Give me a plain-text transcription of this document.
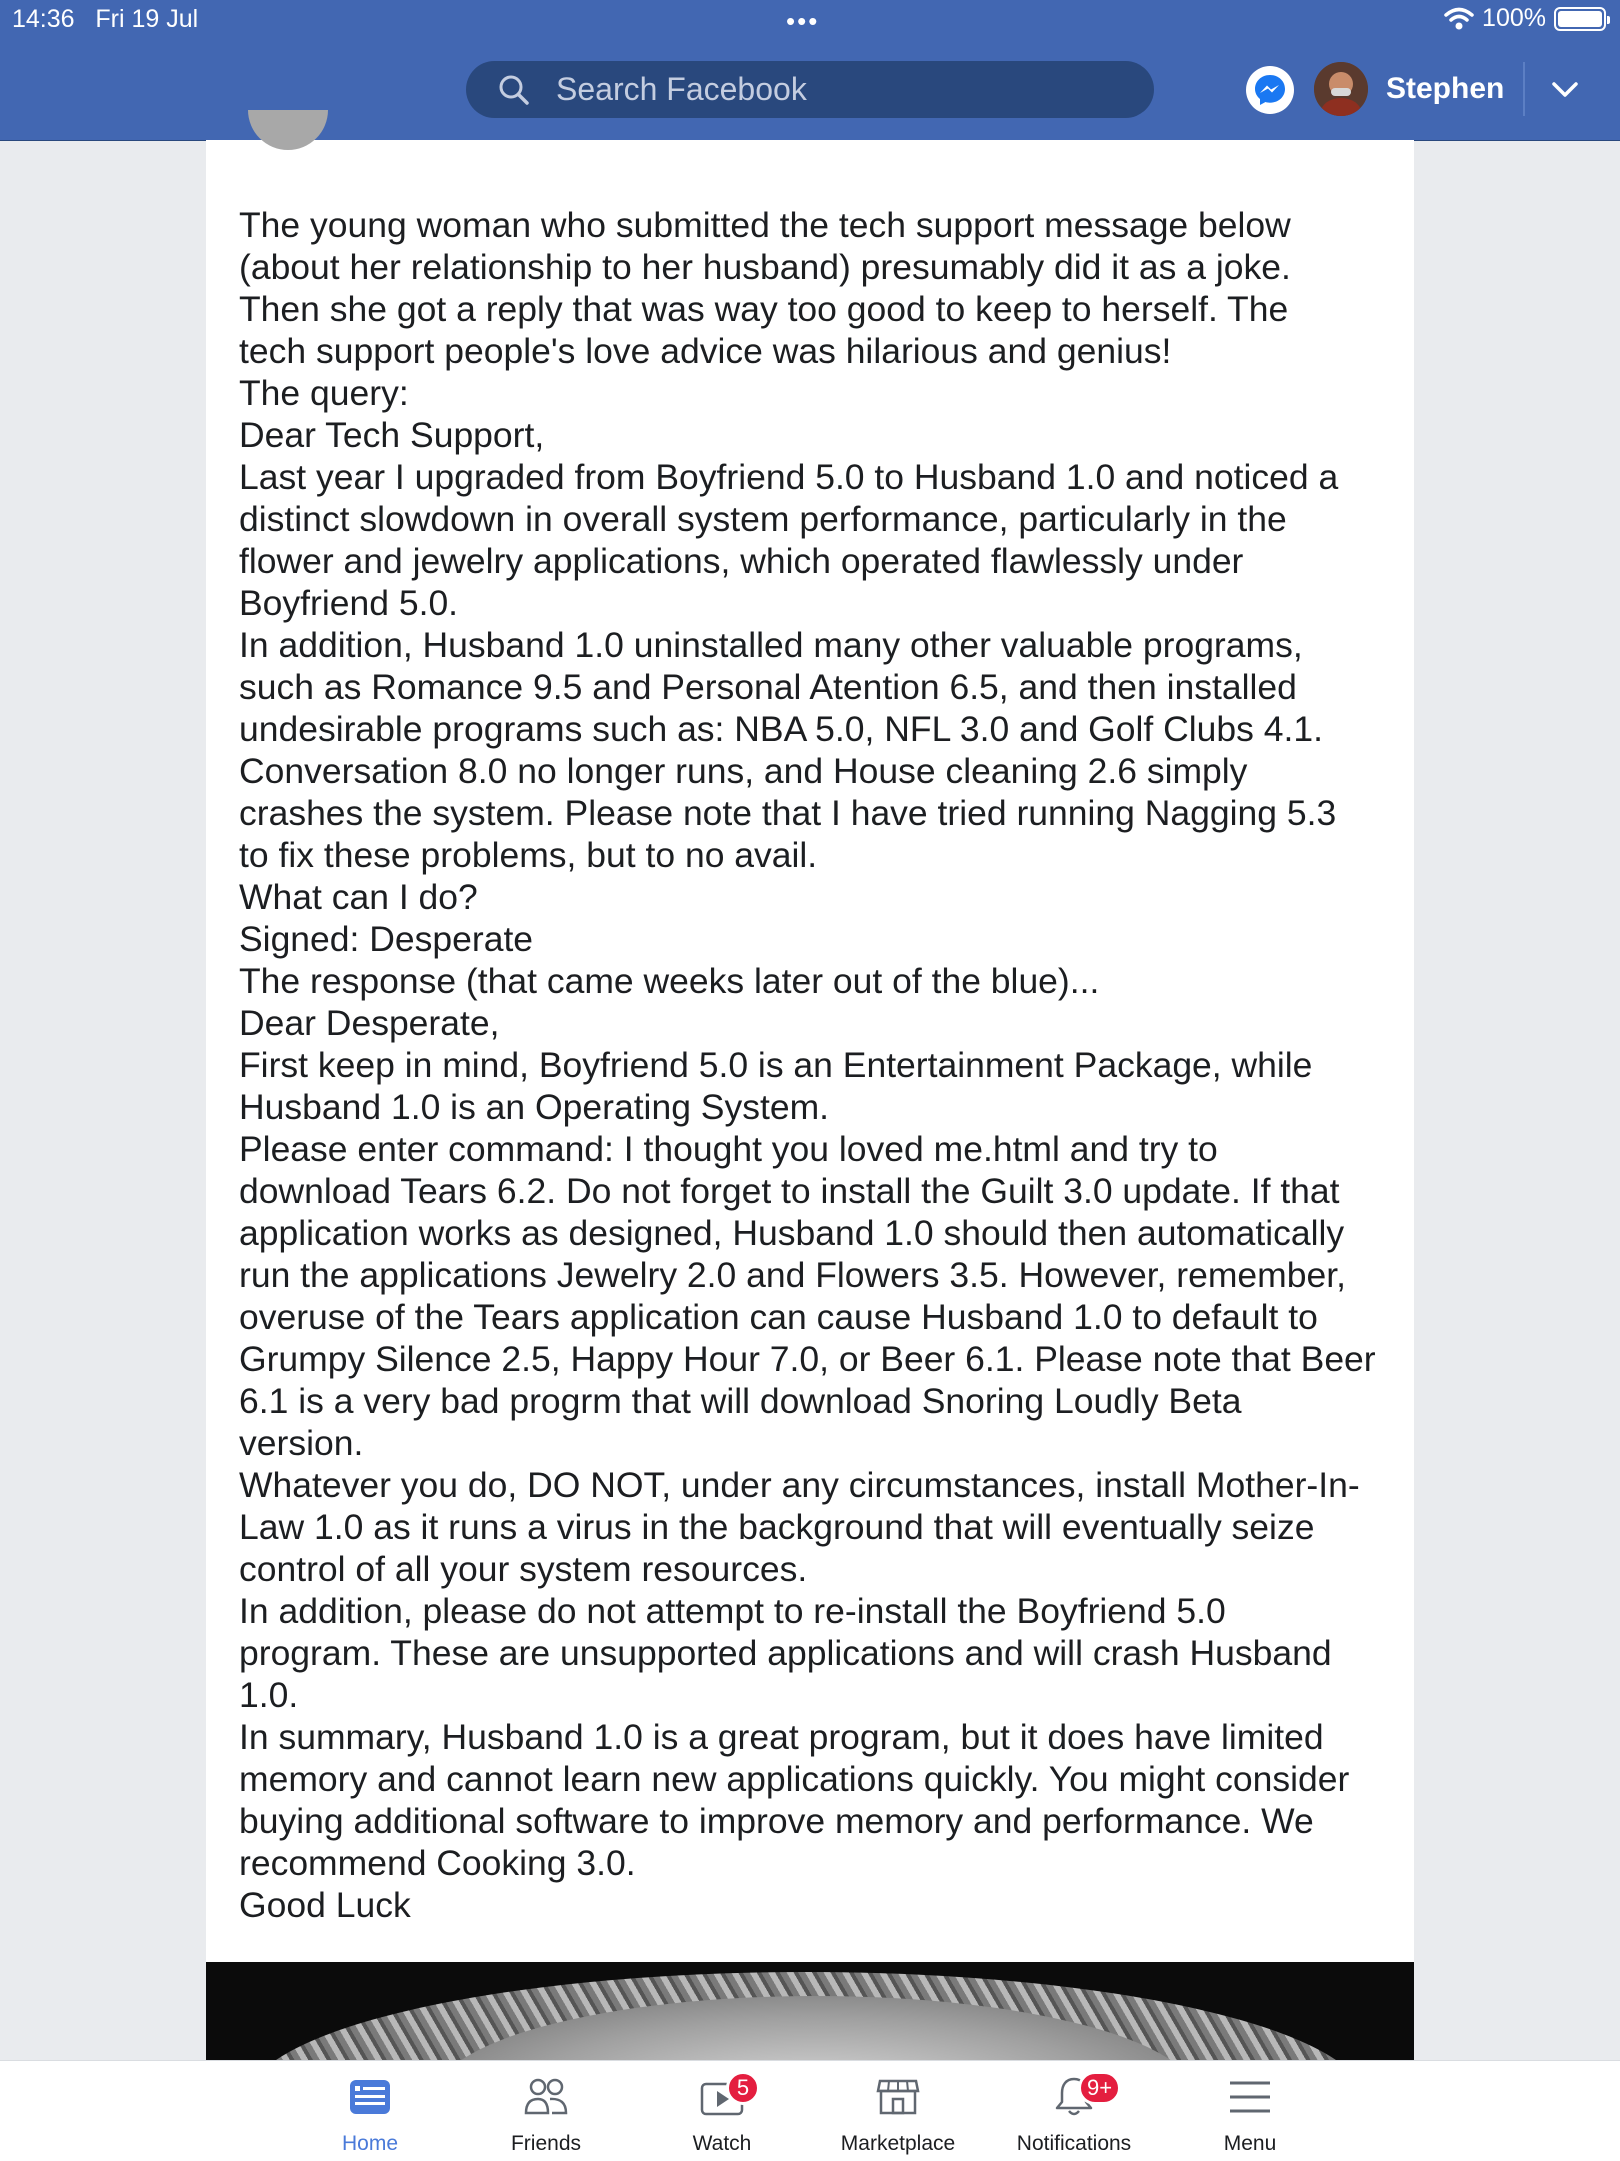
14:36 Fri 19 Jul	•••	100%
Search Facebook
Stephen

The young woman who submitted the tech support message below
(about her relationship to her husband) presumably did it as a joke.
Then she got a reply that was way too good to keep to herself. The
tech support people's love advice was hilarious and genius!
The query:
Dear Tech Support,
Last year I upgraded from Boyfriend 5.0 to Husband 1.0 and noticed a
distinct slowdown in overall system performance, particularly in the
flower and jewelry applications, which operated flawlessly under
Boyfriend 5.0.
In addition, Husband 1.0 uninstalled many other valuable programs,
such as Romance 9.5 and Personal Atention 6.5, and then installed
undesirable programs such as: NBA 5.0, NFL 3.0 and Golf Clubs 4.1.
Conversation 8.0 no longer runs, and House cleaning 2.6 simply
crashes the system. Please note that I have tried running Nagging 5.3
to fix these problems, but to no avail.
What can I do?
Signed: Desperate
The response (that came weeks later out of the blue)...
Dear Desperate,
First keep in mind, Boyfriend 5.0 is an Entertainment Package, while
Husband 1.0 is an Operating System.
Please enter command: I thought you loved me.html and try to
download Tears 6.2. Do not forget to install the Guilt 3.0 update. If that
application works as designed, Husband 1.0 should then automatically
run the applications Jewelry 2.0 and Flowers 3.5. However, remember,
overuse of the Tears application can cause Husband 1.0 to default to
Grumpy Silence 2.5, Happy Hour 7.0, or Beer 6.1. Please note that Beer
6.1 is a very bad progrm that will download Snoring Loudly Beta
version.
Whatever you do, DO NOT, under any circumstances, install Mother-In-
Law 1.0 as it runs a virus in the background that will eventually seize
control of all your system resources.
In addition, please do not attempt to re-install the Boyfriend 5.0
program. These are unsupported applications and will crash Husband
1.0.
In summary, Husband 1.0 is a great program, but it does have limited
memory and cannot learn new applications quickly. You might consider
buying additional software to improve memory and performance. We
recommend Cooking 3.0.
Good Luck

> <
> <
> <

Home	Friends
5
Watch	Marketplace
9+
Notifications	Menu
